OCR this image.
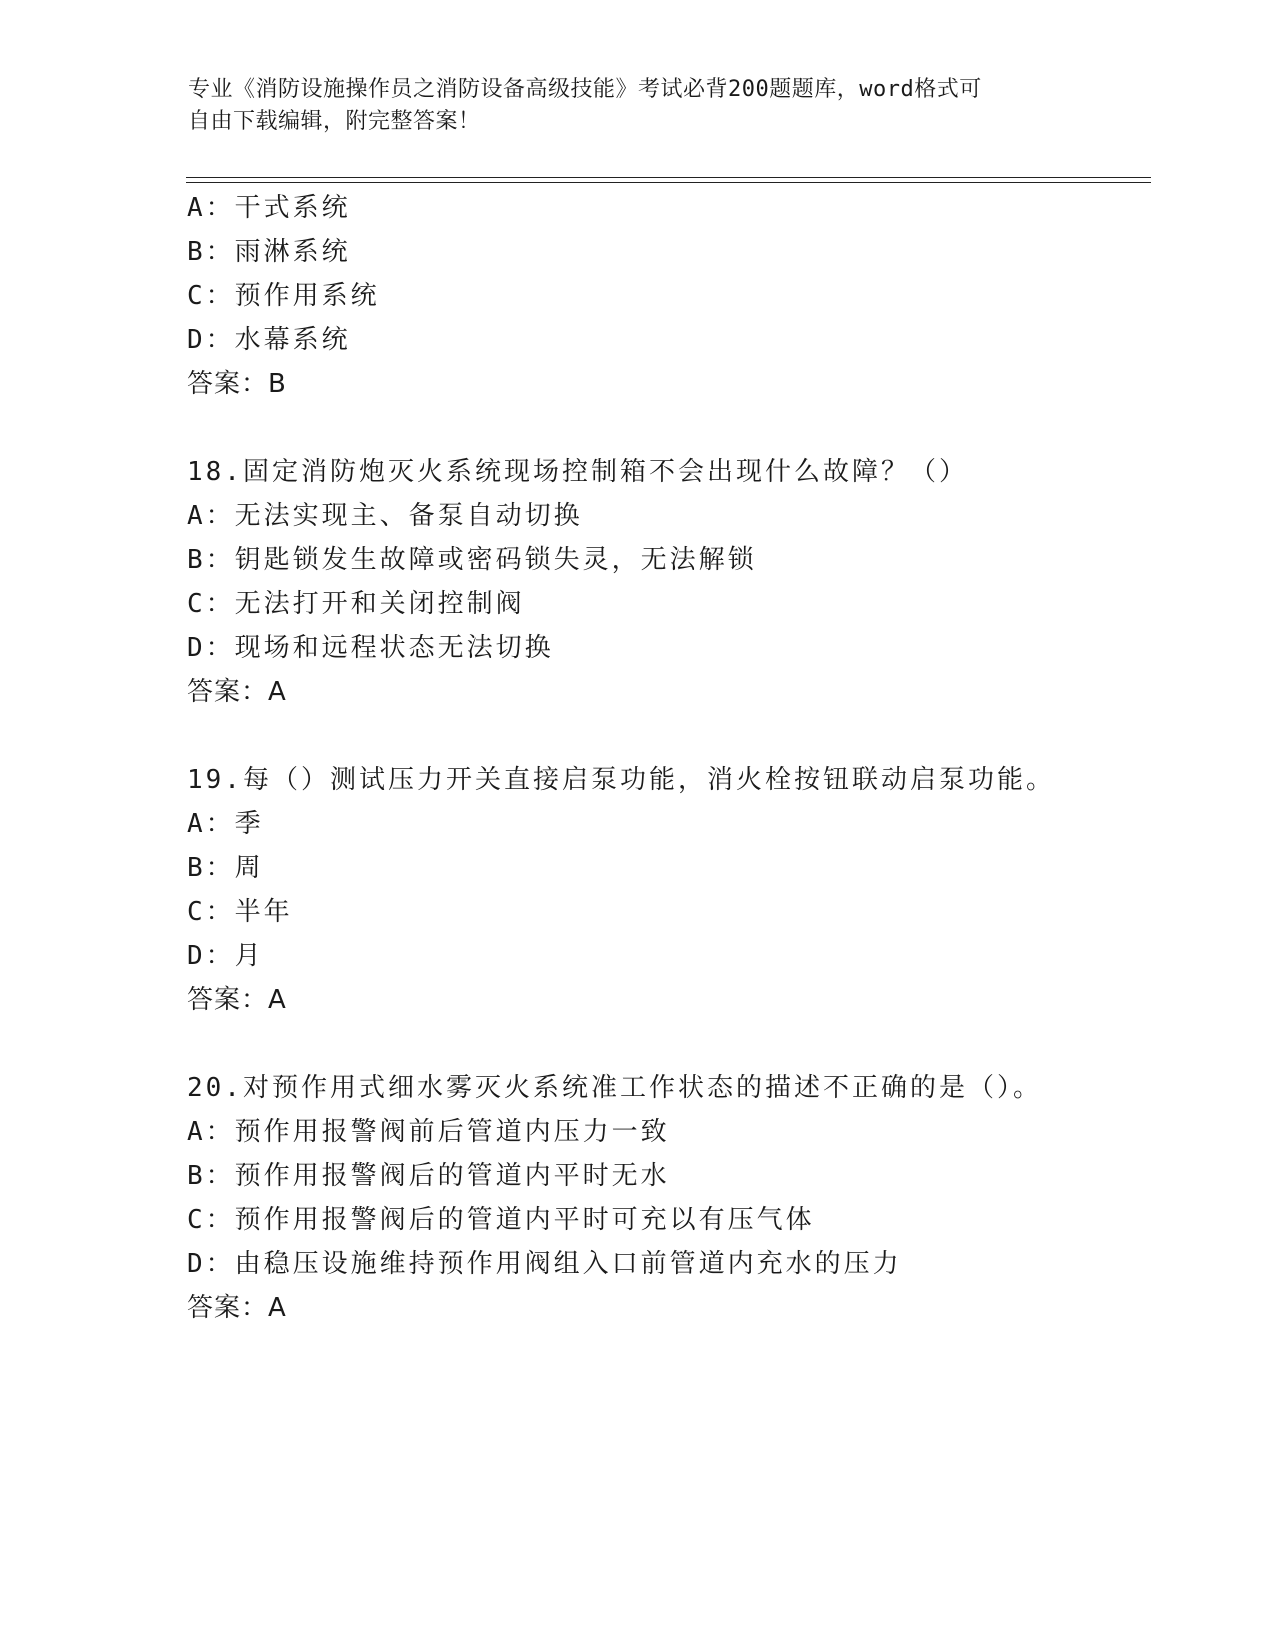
专业《消防设施操作员之消防设备高级技能》考试必背200题题库，word格式可
自由下载编辑，附完整答案！
A：干式系统
B：雨淋系统
C：预作用系统
D：水幕系统
答案：B
18.固定消防炮灭火系统现场控制箱不会出现什么故障？（）
A：无法实现主、备泵自动切换
B：钥匙锁发生故障或密码锁失灵，无法解锁
C：无法打开和关闭控制阀
D：现场和远程状态无法切换
答案：A
19.每（）测试压力开关直接启泵功能，消火栓按钮联动启泵功能。
A：季
B：周
C：半年
D：月
答案：A
20.对预作用式细水雾灭火系统准工作状态的描述不正确的是（）。
A：预作用报警阀前后管道内压力一致
B：预作用报警阀后的管道内平时无水
C：预作用报警阀后的管道内平时可充以有压气体
D：由稳压设施维持预作用阀组入口前管道内充水的压力
答案：A
